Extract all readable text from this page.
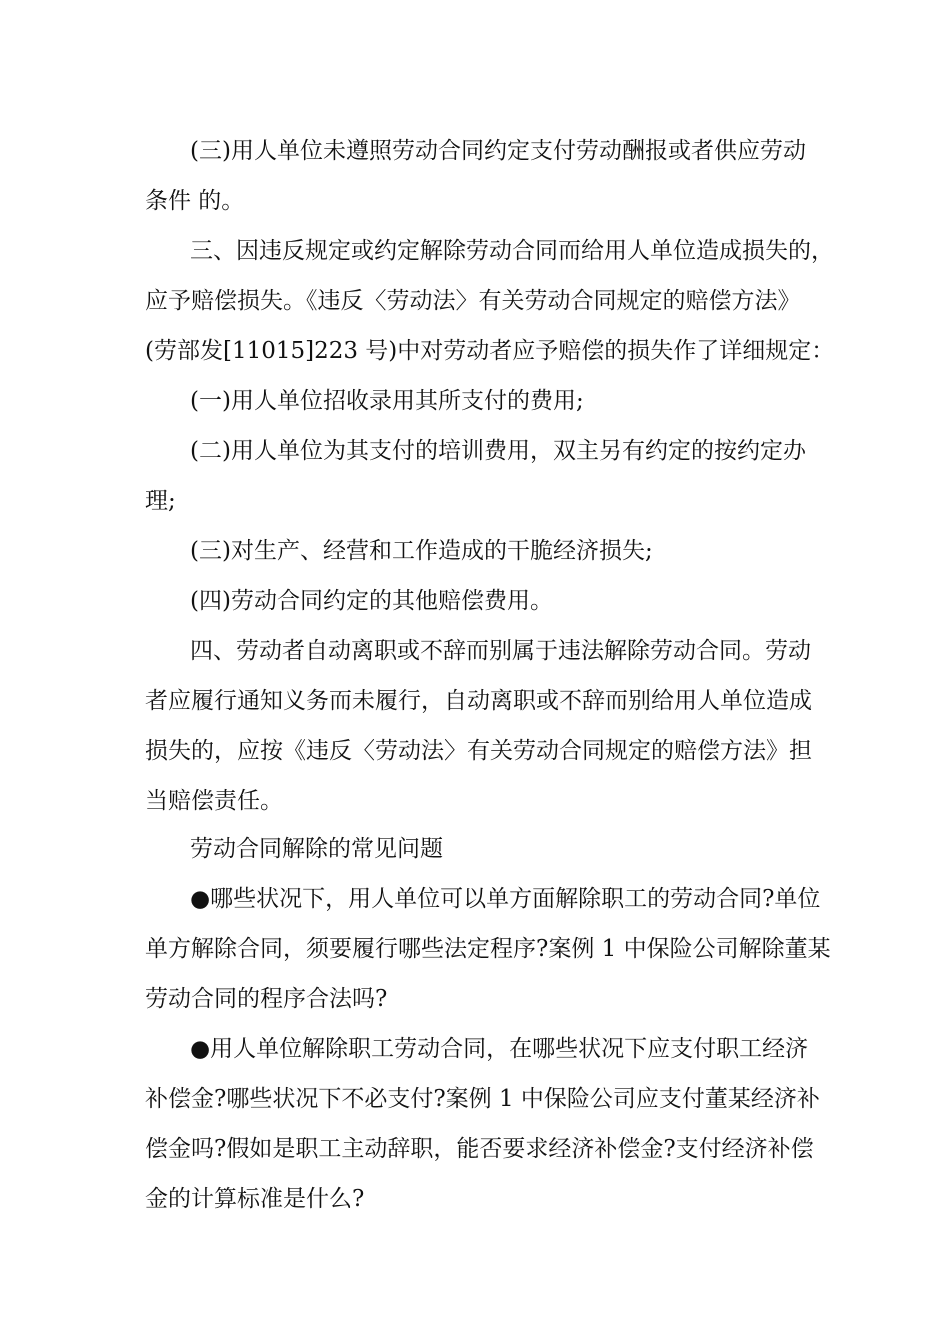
(三)用人单位未遵照劳动合同约定支付劳动酬报或者供应劳动
条件 的。
三、因违反规定或约定解除劳动合同而给用人单位造成损失的，
应予赔偿损失。《违反〈劳动法〉有关劳动合同规定的赔偿方法》
(劳部发[11015]223 号)中对劳动者应予赔偿的损失作了详细规定：
(一)用人单位招收录用其所支付的费用;
(二)用人单位为其支付的培训费用，双主另有约定的按约定办
理;
(三)对生产、经营和工作造成的干脆经济损失;
(四)劳动合同约定的其他赔偿费用。
四、劳动者自动离职或不辞而别属于违法解除劳动合同。劳动
者应履行通知义务而未履行，自动离职或不辞而别给用人单位造成
损失的，应按《违反〈劳动法〉有关劳动合同规定的赔偿方法》担
当赔偿责任。
劳动合同解除的常见问题
●哪些状况下，用人单位可以单方面解除职工的劳动合同?单位
单方解除合同，须要履行哪些法定程序?案例 1 中保险公司解除董某
劳动合同的程序合法吗?
●用人单位解除职工劳动合同，在哪些状况下应支付职工经济
补偿金?哪些状况下不必支付?案例 1 中保险公司应支付董某经济补
偿金吗?假如是职工主动辞职，能否要求经济补偿金?支付经济补偿
金的计算标准是什么?
